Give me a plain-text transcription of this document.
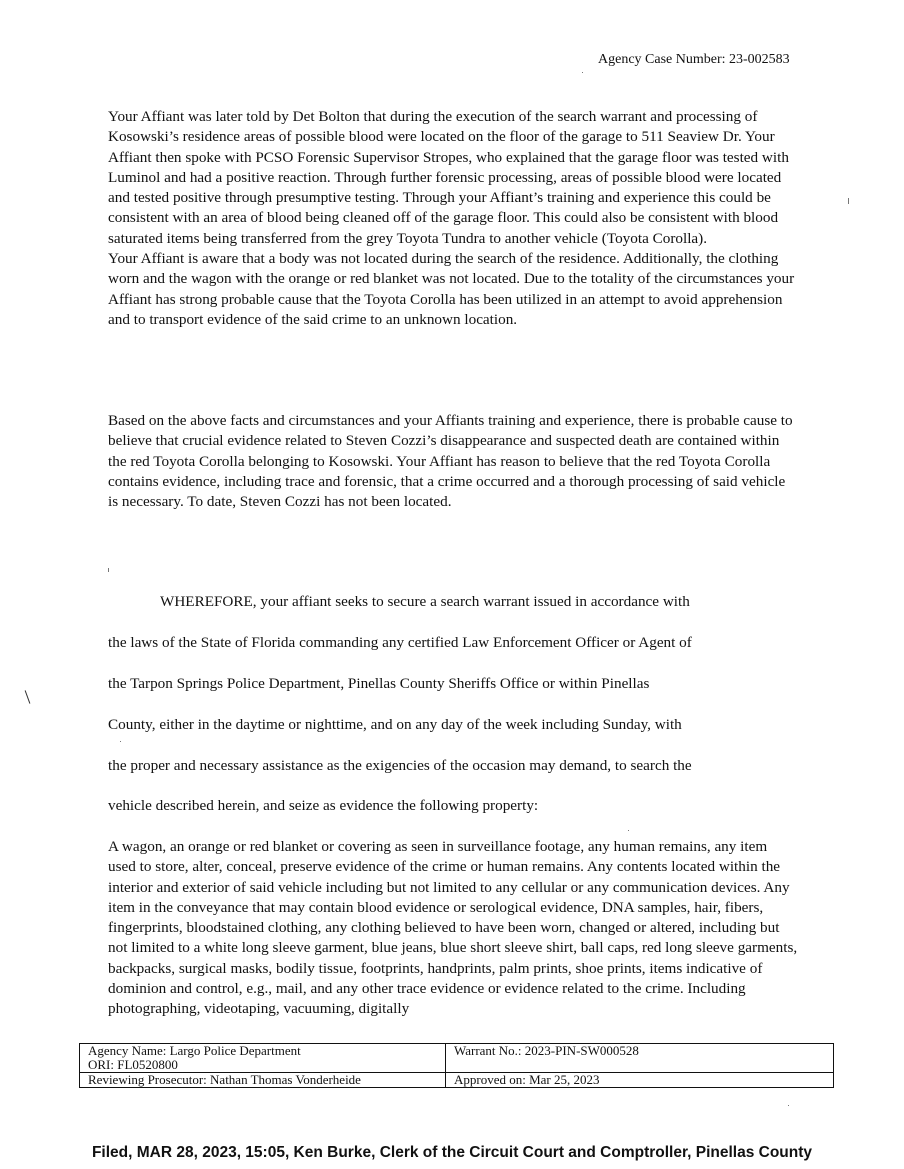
Agency Case Number: 23-002583

Your Affiant was later told by Det Bolton that during the execution of the search warrant and processing of Kosowski’s residence areas of possible blood were located on the floor of the garage to 511 Seaview Dr. Your Affiant then spoke with PCSO Forensic Supervisor Stropes, who explained that the garage floor was tested with Luminol and had a positive reaction. Through further forensic processing, areas of possible blood were located and tested positive through presumptive testing. Through your Affiant’s training and experience this could be consistent with an area of blood being cleaned off of the garage floor. This could also be consistent with blood saturated items being transferred from the grey Toyota Tundra to another vehicle (Toyota Corolla).

Your Affiant is aware that a body was not located during the search of the residence. Additionally, the clothing worn and the wagon with the orange or red blanket was not located. Due to the totality of the circumstances your Affiant has strong probable cause that the Toyota Corolla has been utilized in an attempt to avoid apprehension and to transport evidence of the said crime to an unknown location.

Based on the above facts and circumstances and your Affiants training and experience, there is probable cause to believe that crucial evidence related to Steven Cozzi’s disappearance and suspected death are contained within the red Toyota Corolla belonging to Kosowski. Your Affiant has reason to believe that the red Toyota Corolla contains evidence, including trace and forensic, that a crime occurred and a thorough processing of said vehicle is necessary. To date, Steven Cozzi has not been located.

WHEREFORE, your affiant seeks to secure a search warrant issued in accordance with

the laws of the State of Florida commanding any certified Law Enforcement Officer or Agent of

the Tarpon Springs Police Department, Pinellas County Sheriffs Office or within Pinellas

County, either in the daytime or nighttime, and on any day of the week including Sunday, with

the proper and necessary assistance as the exigencies of the occasion may demand, to search the

vehicle described herein, and seize as evidence the following property:

A wagon, an orange or red blanket or covering as seen in surveillance footage, any human remains, any item used to store, alter, conceal, preserve evidence of the crime or human remains. Any contents located within the interior and exterior of said vehicle including but not limited to any cellular or any communication devices. Any item in the conveyance that may contain blood evidence or serological evidence, DNA samples, hair, fibers, fingerprints, bloodstained clothing, any clothing believed to have been worn, changed or altered, including but not limited to a white long sleeve garment, blue jeans, blue short sleeve shirt, ball caps, red long sleeve garments, backpacks, surgical masks, bodily tissue, footprints, handprints, palm prints, shoe prints, items indicative of dominion and control, e.g., mail, and any other trace evidence or evidence related to the crime. Including photographing, videotaping, vacuuming, digitally

Agency Name: Largo Police Department
ORI: FL0520800	Warrant No.: 2023-PIN-SW000528
Reviewing Prosecutor: Nathan Thomas Vonderheide	Approved on: Mar 25, 2023
Filed, MAR 28, 2023, 15:05, Ken Burke, Clerk of the Circuit Court and Comptroller, Pinellas County
